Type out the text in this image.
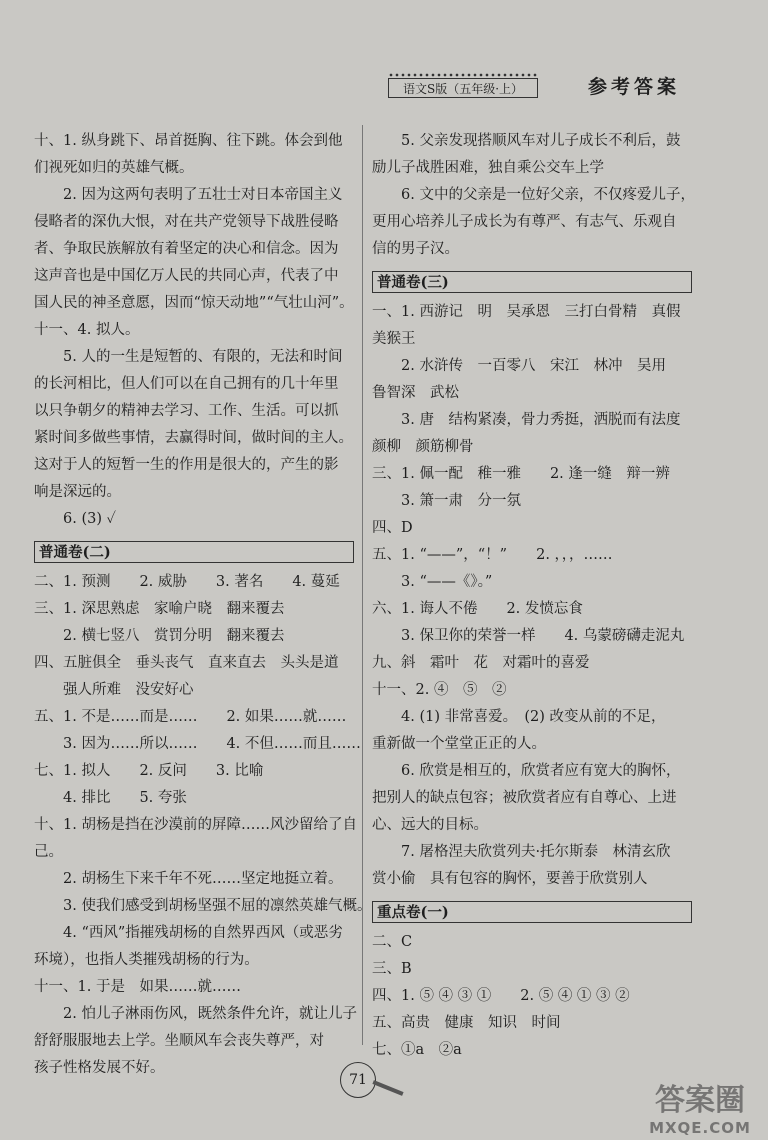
语文S版（五年级·上）	参考答案
十、1. 纵身跳下、昂首挺胸、往下跳。体会到他
们视死如归的英雄气概。
　　2. 因为这两句表明了五壮士对日本帝国主义
侵略者的深仇大恨，对在共产党领导下战胜侵略
者、争取民族解放有着坚定的决心和信念。因为
这声音也是中国亿万人民的共同心声，代表了中
国人民的神圣意愿，因而“惊天动地”“气壮山河”。
十一、4. 拟人。
　　5. 人的一生是短暂的、有限的，无法和时间
的长河相比，但人们可以在自己拥有的几十年里
以只争朝夕的精神去学习、工作、生活。可以抓
紧时间多做些事情，去赢得时间，做时间的主人。
这对于人的短暂一生的作用是很大的，产生的影
响是深远的。
　　6. (3) ✓
普通卷(二)
二、1. 预测　　2. 威胁　　3. 著名　　4. 蔓延
三、1. 深思熟虑　家喻户晓　翻来覆去
　　2. 横七竖八　赏罚分明　翻来覆去
四、五脏俱全　垂头丧气　直来直去　头头是道
　　强人所难　没安好心
五、1. 不是……而是……　　2. 如果……就……
　　3. 因为……所以……　　4. 不但……而且……
七、1. 拟人　　2. 反问　　3. 比喻
　　4. 排比　　5. 夸张
十、1. 胡杨是挡在沙漠前的屏障……风沙留给了自
己。
　　2. 胡杨生下来千年不死……坚定地挺立着。
　　3. 使我们感受到胡杨坚强不屈的凛然英雄气概。
　　4. “西风”指摧残胡杨的自然界西风（或恶劣
环境），也指人类摧残胡杨的行为。
十一、1. 于是　如果……就……
　　2. 怕儿子淋雨伤风，既然条件允许，就让儿子
舒舒服服地去上学。坐顺风车会丧失尊严，对
孩子性格发展不好。
　　5. 父亲发现搭顺风车对儿子成长不利后，鼓
励儿子战胜困难，独自乘公交车上学
　　6. 文中的父亲是一位好父亲，不仅疼爱儿子，
更用心培养儿子成长为有尊严、有志气、乐观自
信的男子汉。
普通卷(三)
一、1. 西游记　明　吴承恩　三打白骨精　真假
美猴王
　　2. 水浒传　一百零八　宋江　林冲　吴用
鲁智深　武松
　　3. 唐　结构紧凑，骨力秀挺，洒脱而有法度
颜柳　颜筋柳骨
三、1. 佩一配　稚一雅　　2. 逢一缝　辩一辨
　　3. 箫一肃　分一氛
四、D
五、1. “——”，“！”　　2. ，，，……
　　3. “——《》。”
六、1. 诲人不倦　　2. 发愤忘食
　　3. 保卫你的荣誉一样　　4. 乌蒙磅礴走泥丸
九、斜　霜叶　花　对霜叶的喜爱
十一、2. ④　⑤　②
　　4. (1) 非常喜爱。　(2) 改变从前的不足，
重新做一个堂堂正正的人。
　　6. 欣赏是相互的，欣赏者应有宽大的胸怀，
把别人的缺点包容；被欣赏者应有自尊心、上进
心、远大的目标。
　　7. 屠格涅夫欣赏列夫·托尔斯泰　林清玄欣
赏小偷　具有包容的胸怀，要善于欣赏别人
重点卷(一)
二、C
三、B
四、1. ⑤ ④ ③ ①　　2. ⑤ ④ ① ③ ②
五、高贵　健康　知识　时间
七、①a　②a
71
答案圈
MXQE.COM
